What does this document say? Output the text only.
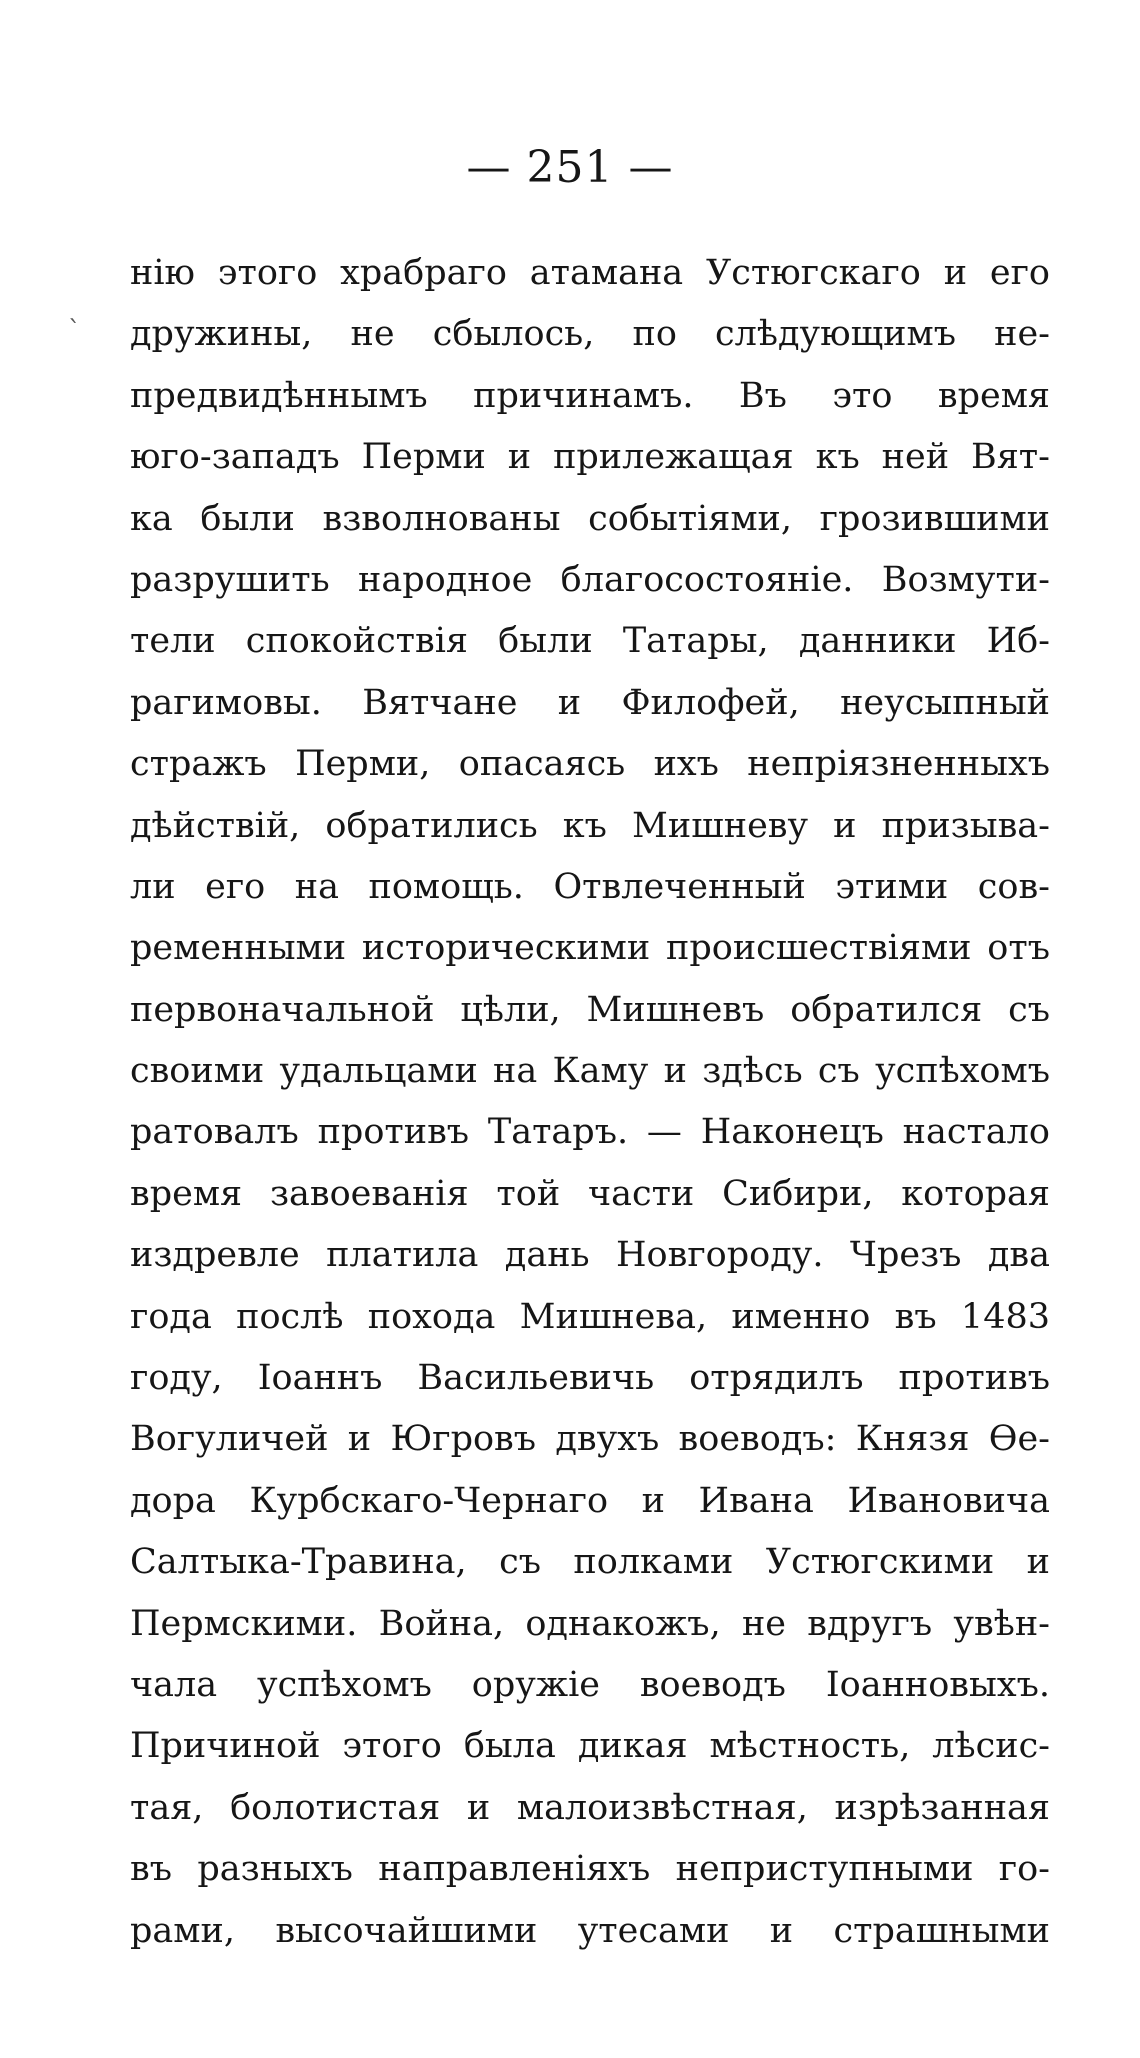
— 251 —
ˋ
нію этого храбраго атамана Устюгскаго и его
дружины, не сбылось, по слѣдующимъ не-
предвидѣннымъ причинамъ. Въ это время
юго-западъ Перми и прилежащая къ ней Вят-
ка были взволнованы событіями, грозившими
разрушить народное благосостояніе. Возмути-
тели спокойствія были Татары, данники Иб-
рагимовы. Вятчане и Филофей, неусыпный
стражъ Перми, опасаясь ихъ непріязненныхъ
дѣйствій, обратились къ Мишневу и призыва-
ли его на помощь. Отвлеченный этими сов-
ременными историческими происшествіями отъ
первоначальной цѣли, Мишневъ обратился съ
своими удальцами на Каму и здѣсь съ успѣхомъ
ратовалъ противъ Татаръ. — Наконецъ настало
время завоеванія той части Сибири, которая
издревле платила дань Новгороду. Чрезъ два
года послѣ похода Мишнева, именно въ 1483
году, Іоаннъ Васильевичь отрядилъ противъ
Вогуличей и Югровъ двухъ воеводъ: Князя Ѳе-
дора Курбскаго-Чернаго и Ивана Ивановича
Салтыка-Травина, съ полками Устюгскими и
Пермскими. Война, однакожъ, не вдругъ увѣн-
чала успѣхомъ оружіе воеводъ Іоанновыхъ.
Причиной этого была дикая мѣстность, лѣсис-
тая, болотистая и малоизвѣстная, изрѣзанная
въ разныхъ направленіяхъ неприступными го-
рами, высочайшими утесами и страшными
